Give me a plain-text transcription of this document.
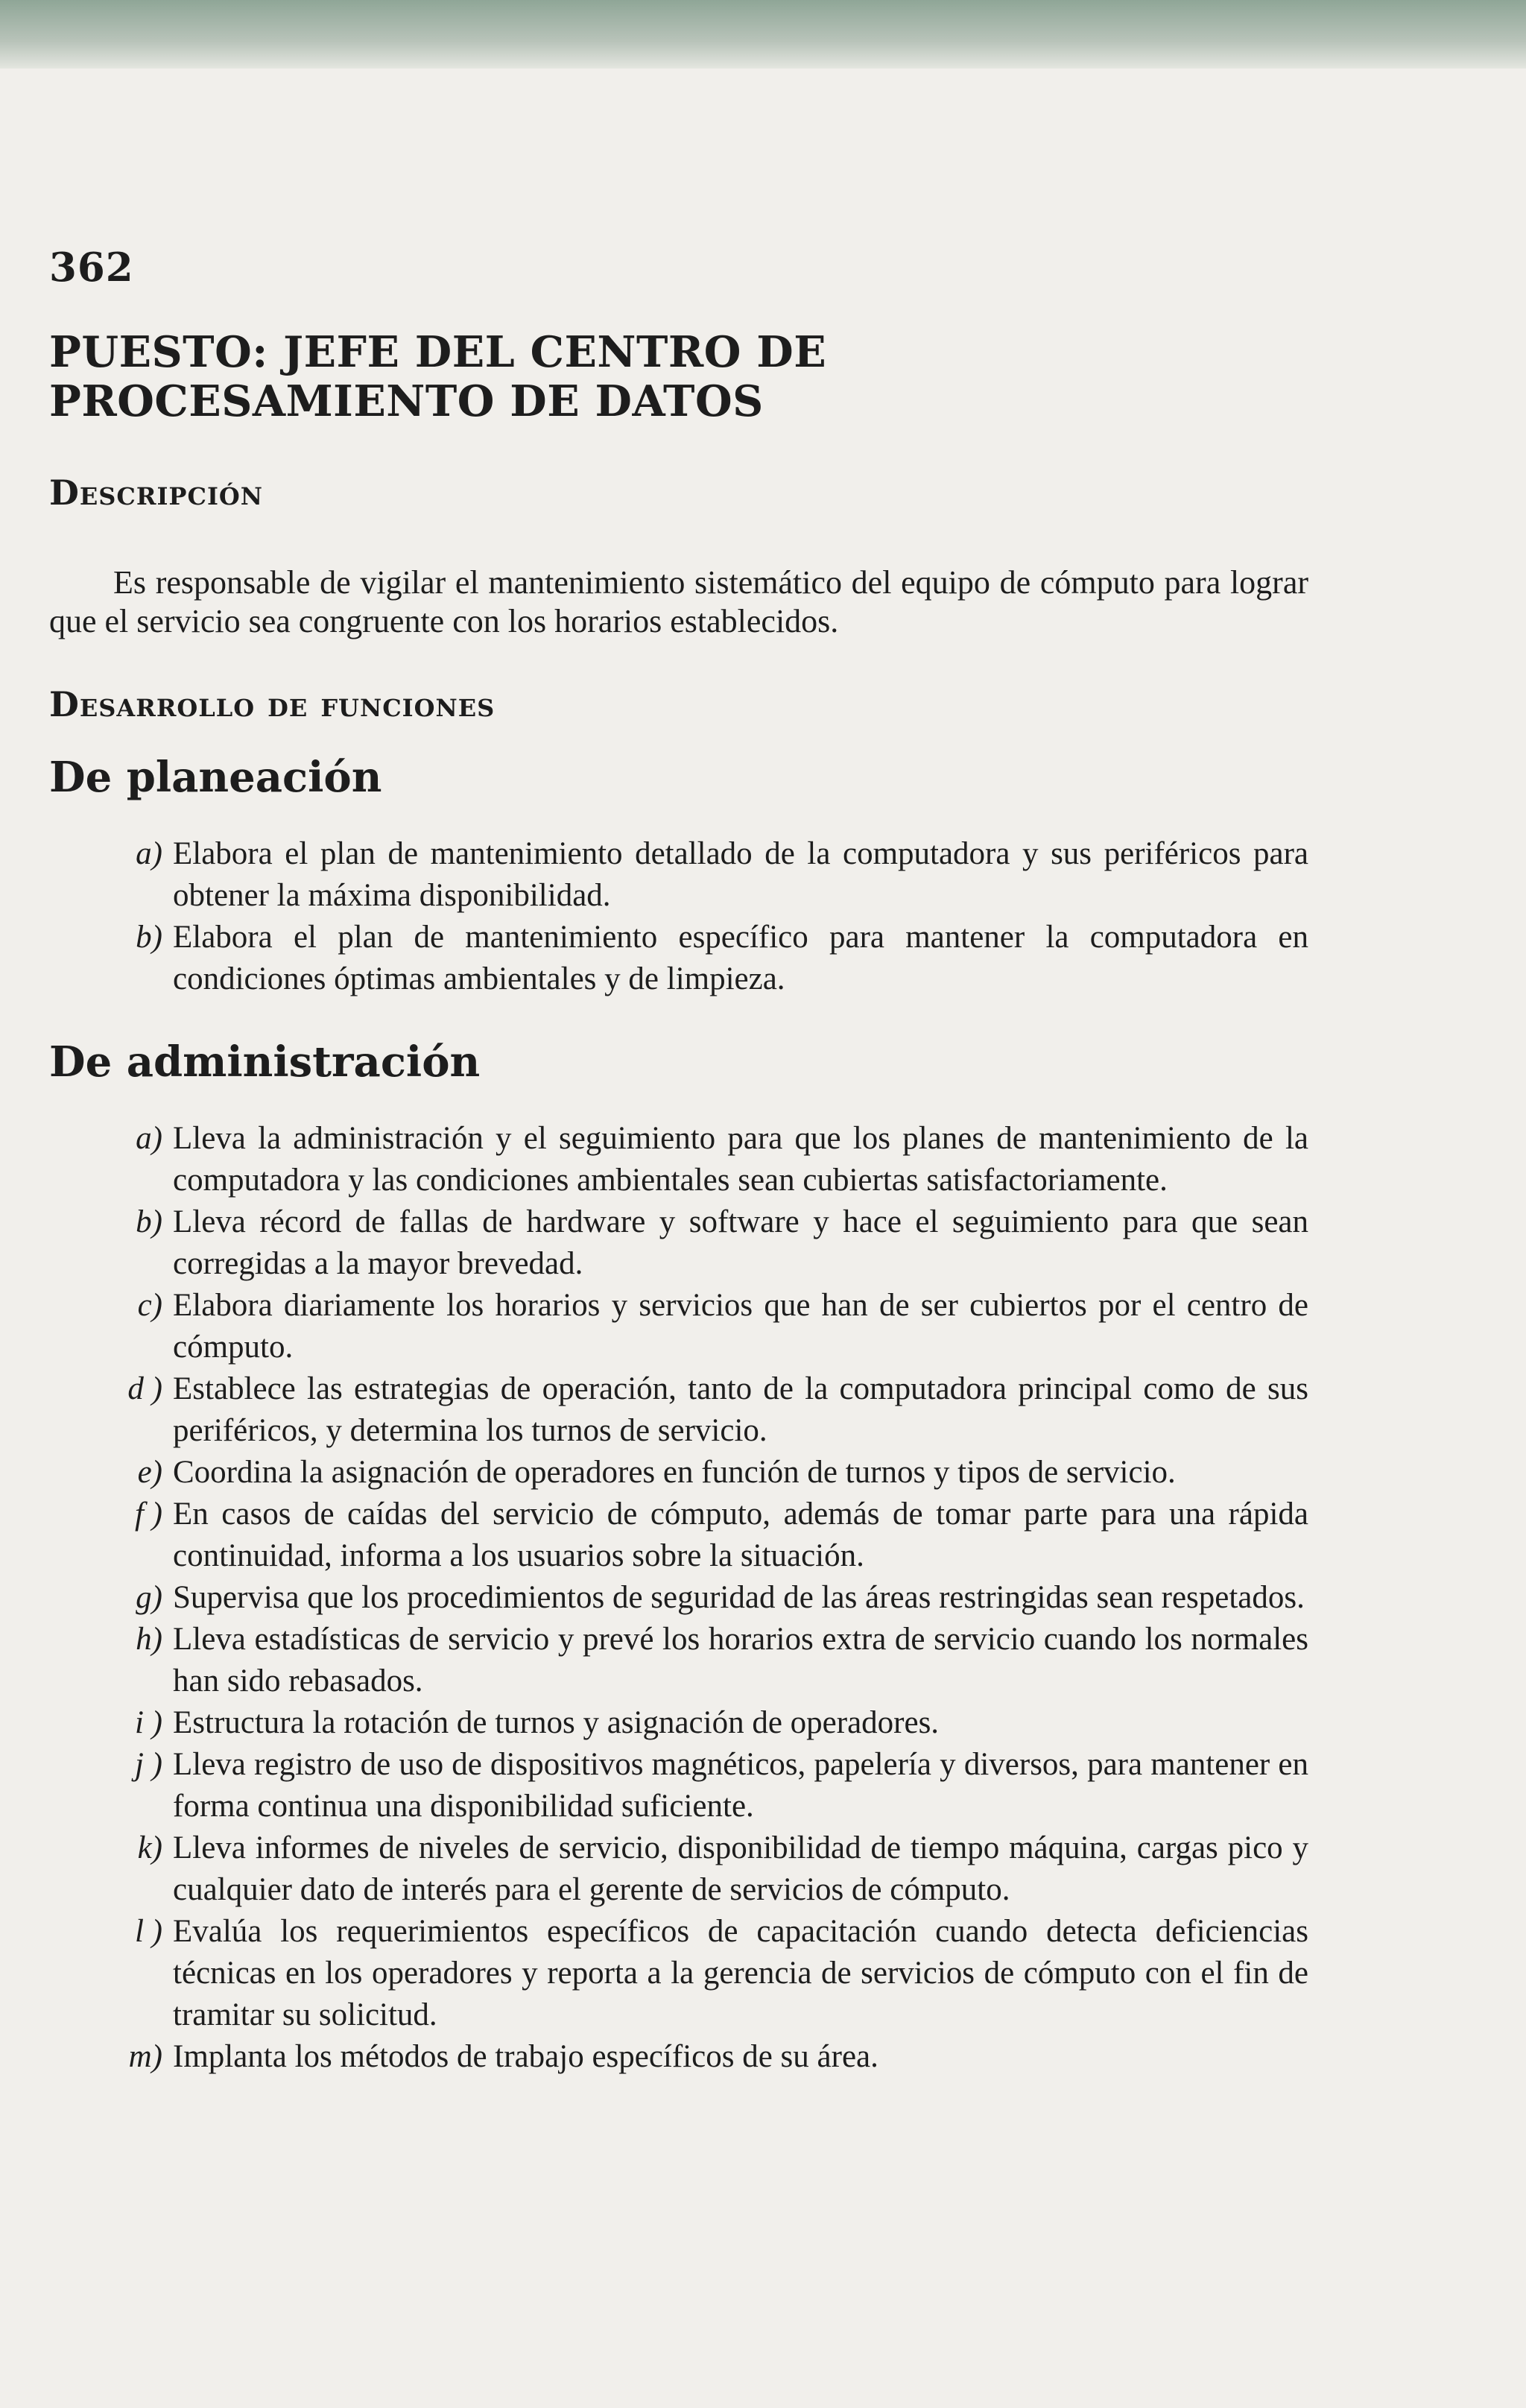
362
PUESTO: JEFE DEL CENTRO DE
PROCESAMIENTO DE DATOS
Descripción

Es responsable de vigilar el mantenimiento sistemático del equipo de cómputo para lograr que el servicio sea congruente con los horarios establecidos.

Desarrollo de funciones
De planeación
a) Elabora el plan de mantenimiento detallado de la computadora y sus periféricos para obtener la máxima disponibilidad.
b) Elabora el plan de mantenimiento específico para mantener la computadora en condiciones óptimas ambientales y de limpieza.
De administración
a) Lleva la administración y el seguimiento para que los planes de mantenimiento de la computadora y las condiciones ambientales sean cubiertas satisfactoriamente.
b) Lleva récord de fallas de hardware y software y hace el seguimiento para que sean corregidas a la mayor brevedad.
c) Elabora diariamente los horarios y servicios que han de ser cubiertos por el centro de cómputo.
d ) Establece las estrategias de operación, tanto de la computadora principal como de sus periféricos, y determina los turnos de servicio.
e) Coordina la asignación de operadores en función de turnos y tipos de servicio.
f ) En casos de caídas del servicio de cómputo, además de tomar parte para una rápida continuidad, informa a los usuarios sobre la situación.
g) Supervisa que los procedimientos de seguridad de las áreas restringidas sean respetados.
h) Lleva estadísticas de servicio y prevé los horarios extra de servicio cuando los normales han sido rebasados.
i ) Estructura la rotación de turnos y asignación de operadores.
j ) Lleva registro de uso de dispositivos magnéticos, papelería y diversos, para mantener en forma continua una disponibilidad suficiente.
k) Lleva informes de niveles de servicio, disponibilidad de tiempo máquina, cargas pico y cualquier dato de interés para el gerente de servicios de cómputo.
l ) Evalúa los requerimientos específicos de capacitación cuando detecta deficiencias técnicas en los operadores y reporta a la gerencia de servicios de cómputo con el fin de tramitar su solicitud.
m) Implanta los métodos de trabajo específicos de su área.
